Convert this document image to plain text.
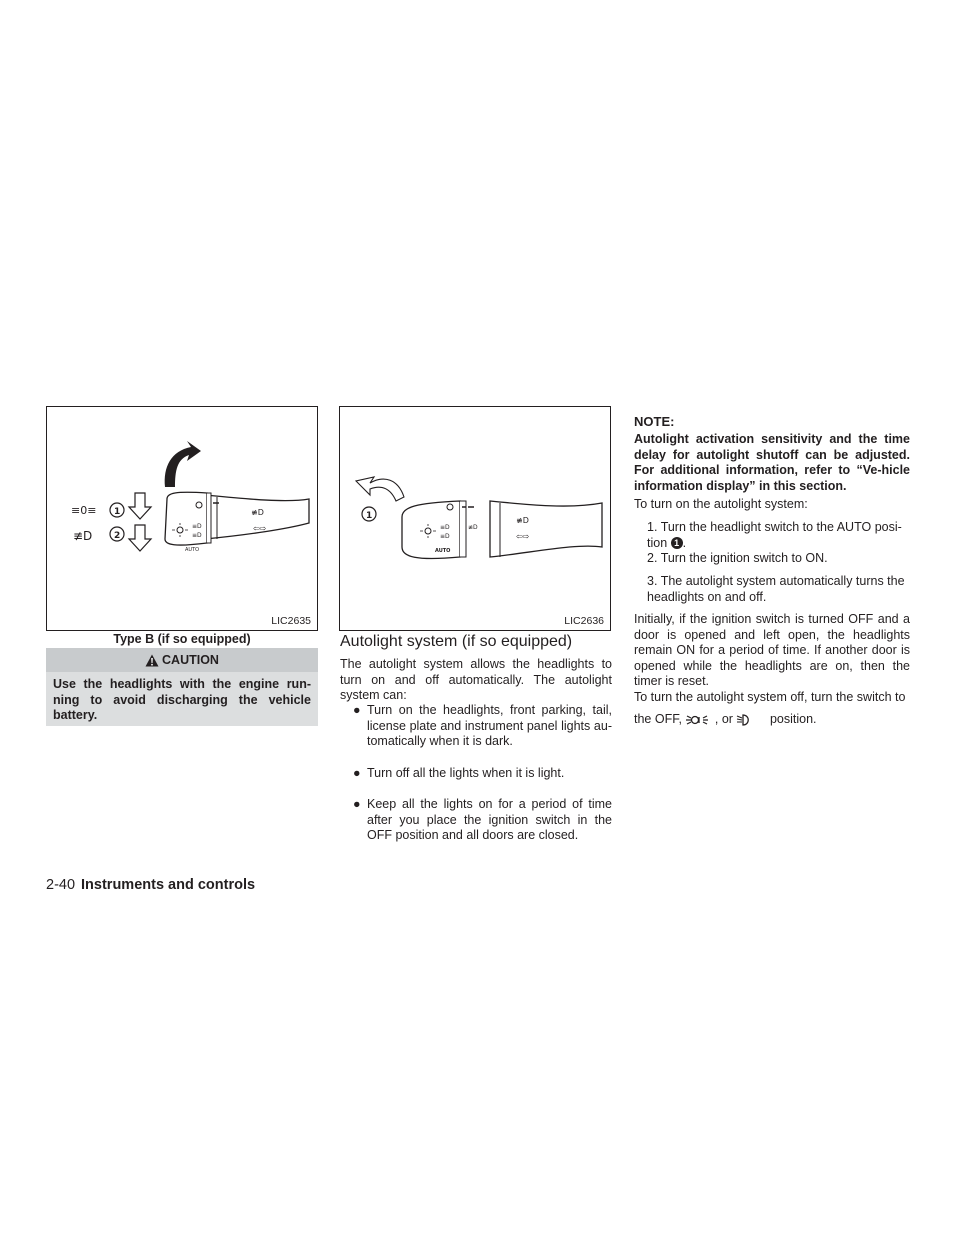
≡D
≡D
AUTO
≢D
⇦⇨
1
2
≡0≡
≢D
LIC2635
Type B (if so equipped)
CAUTION
Use the headlights with the engine run-ning to avoid discharging the vehicle battery.
≡D
≡D
AUTO
≢D
≢D
⇦⇨
1
LIC2636
Autolight system (if so equipped)

The autolight system allows the headlights to turn on and off automatically. The autolight system can:

● Turn on the headlights, front parking, tail, license plate and instrument panel lights au-tomatically when it is dark.
● Turn off all the lights when it is light.
● Keep all the lights on for a period of time after you place the ignition switch in the OFF position and all doors are closed.
NOTE:
Autolight activation sensitivity and the time delay for autolight shutoff can be adjusted. For additional information, refer to “Ve-hicle information display” in this section.

To turn on the autolight system:

1. Turn the headlight switch to the AUTO posi-tion 1 .
2. Turn the ignition switch to ON.
3. The autolight system automatically turns the headlights on and off.

Initially, if the ignition switch is turned OFF and a door is opened and left open, the headlights remain ON for a period of time. If another door is opened while the headlights are on, then the timer is reset.

To turn the autolight system off, turn the switch to

the OFF,	, or	position.
2-40 Instruments and controls
